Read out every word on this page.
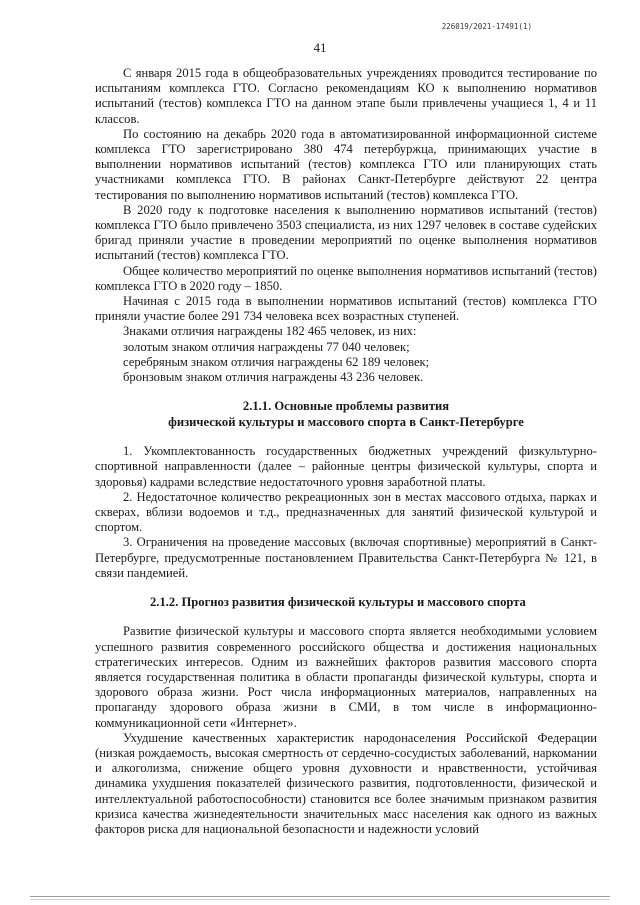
226019/2021-17491(1)
41

С января 2015 года в общеобразовательных учреждениях проводится тестирование по испытаниям комплекса ГТО. Согласно рекомендациям КО к выполнению нормативов испытаний (тестов) комплекса ГТО на данном этапе были привлечены учащиеся 1, 4 и 11 классов.

По состоянию на декабрь 2020 года в автоматизированной информационной системе комплекса ГТО зарегистрировано 380 474 петербуржца, принимающих участие в выполнении нормативов испытаний (тестов) комплекса ГТО или планирующих стать участниками комплекса ГТО. В районах Санкт-Петербурге действуют 22 центра тестирования по выполнению нормативов испытаний (тестов) комплекса ГТО.

В 2020 году к подготовке населения к выполнению нормативов испытаний (тестов) комплекса ГТО было привлечено 3503 специалиста, из них 1297 человек в составе судейских бригад приняли участие в проведении мероприятий по оценке выполнения нормативов испытаний (тестов) комплекса ГТО.

Общее количество мероприятий по оценке выполнения нормативов испытаний (тестов) комплекса ГТО в 2020 году – 1850.

Начиная с 2015 года в выполнении нормативов испытаний (тестов) комплекса ГТО приняли участие более 291 734 человека всех возрастных ступеней.

Знаками отличия награждены 182 465 человек, из них:

золотым знаком отличия награждены 77 040 человек;

серебряным знаком отличия награждены 62 189 человек;

бронзовым знаком отличия награждены 43 236 человек.

2.1.1. Основные проблемы развития

физической культуры и массового спорта в Санкт-Петербурге

1. Укомплектованность государственных бюджетных учреждений физкультурно-спортивной направленности (далее – районные центры физической культуры, спорта и здоровья) кадрами вследствие недостаточного уровня заработной платы.

2. Недостаточное количество рекреационных зон в местах массового отдыха, парках и скверах, вблизи водоемов и т.д., предназначенных для занятий физической культурой и спортом.

3. Ограничения на проведение массовых (включая спортивные) мероприятий в Санкт-Петербурге, предусмотренные постановлением Правительства Санкт-Петербурга № 121, в связи пандемией.

2.1.2. Прогноз развития физической культуры и массового спорта

Развитие физической культуры и массового спорта является необходимыми условием успешного развития современного российского общества и достижения национальных стратегических интересов. Одним из важнейших факторов развития массового спорта является государственная политика в области пропаганды физической культуры, спорта и здорового образа жизни. Рост числа информационных материалов, направленных на пропаганду здорового образа жизни в СМИ, в том числе в информационно-коммуникационной сети «Интернет».

Ухудшение качественных характеристик народонаселения Российской Федерации (низкая рождаемость, высокая смертность от сердечно-сосудистых заболеваний, наркомании и алкоголизма, снижение общего уровня духовности и нравственности, устойчивая динамика ухудшения показателей физического развития, подготовленности, физической и интеллектуальной работоспособности) становится все более значимым признаком развития кризиса качества жизнедеятельности значительных масс населения как одного из важных факторов риска для национальной безопасности и надежности условий
